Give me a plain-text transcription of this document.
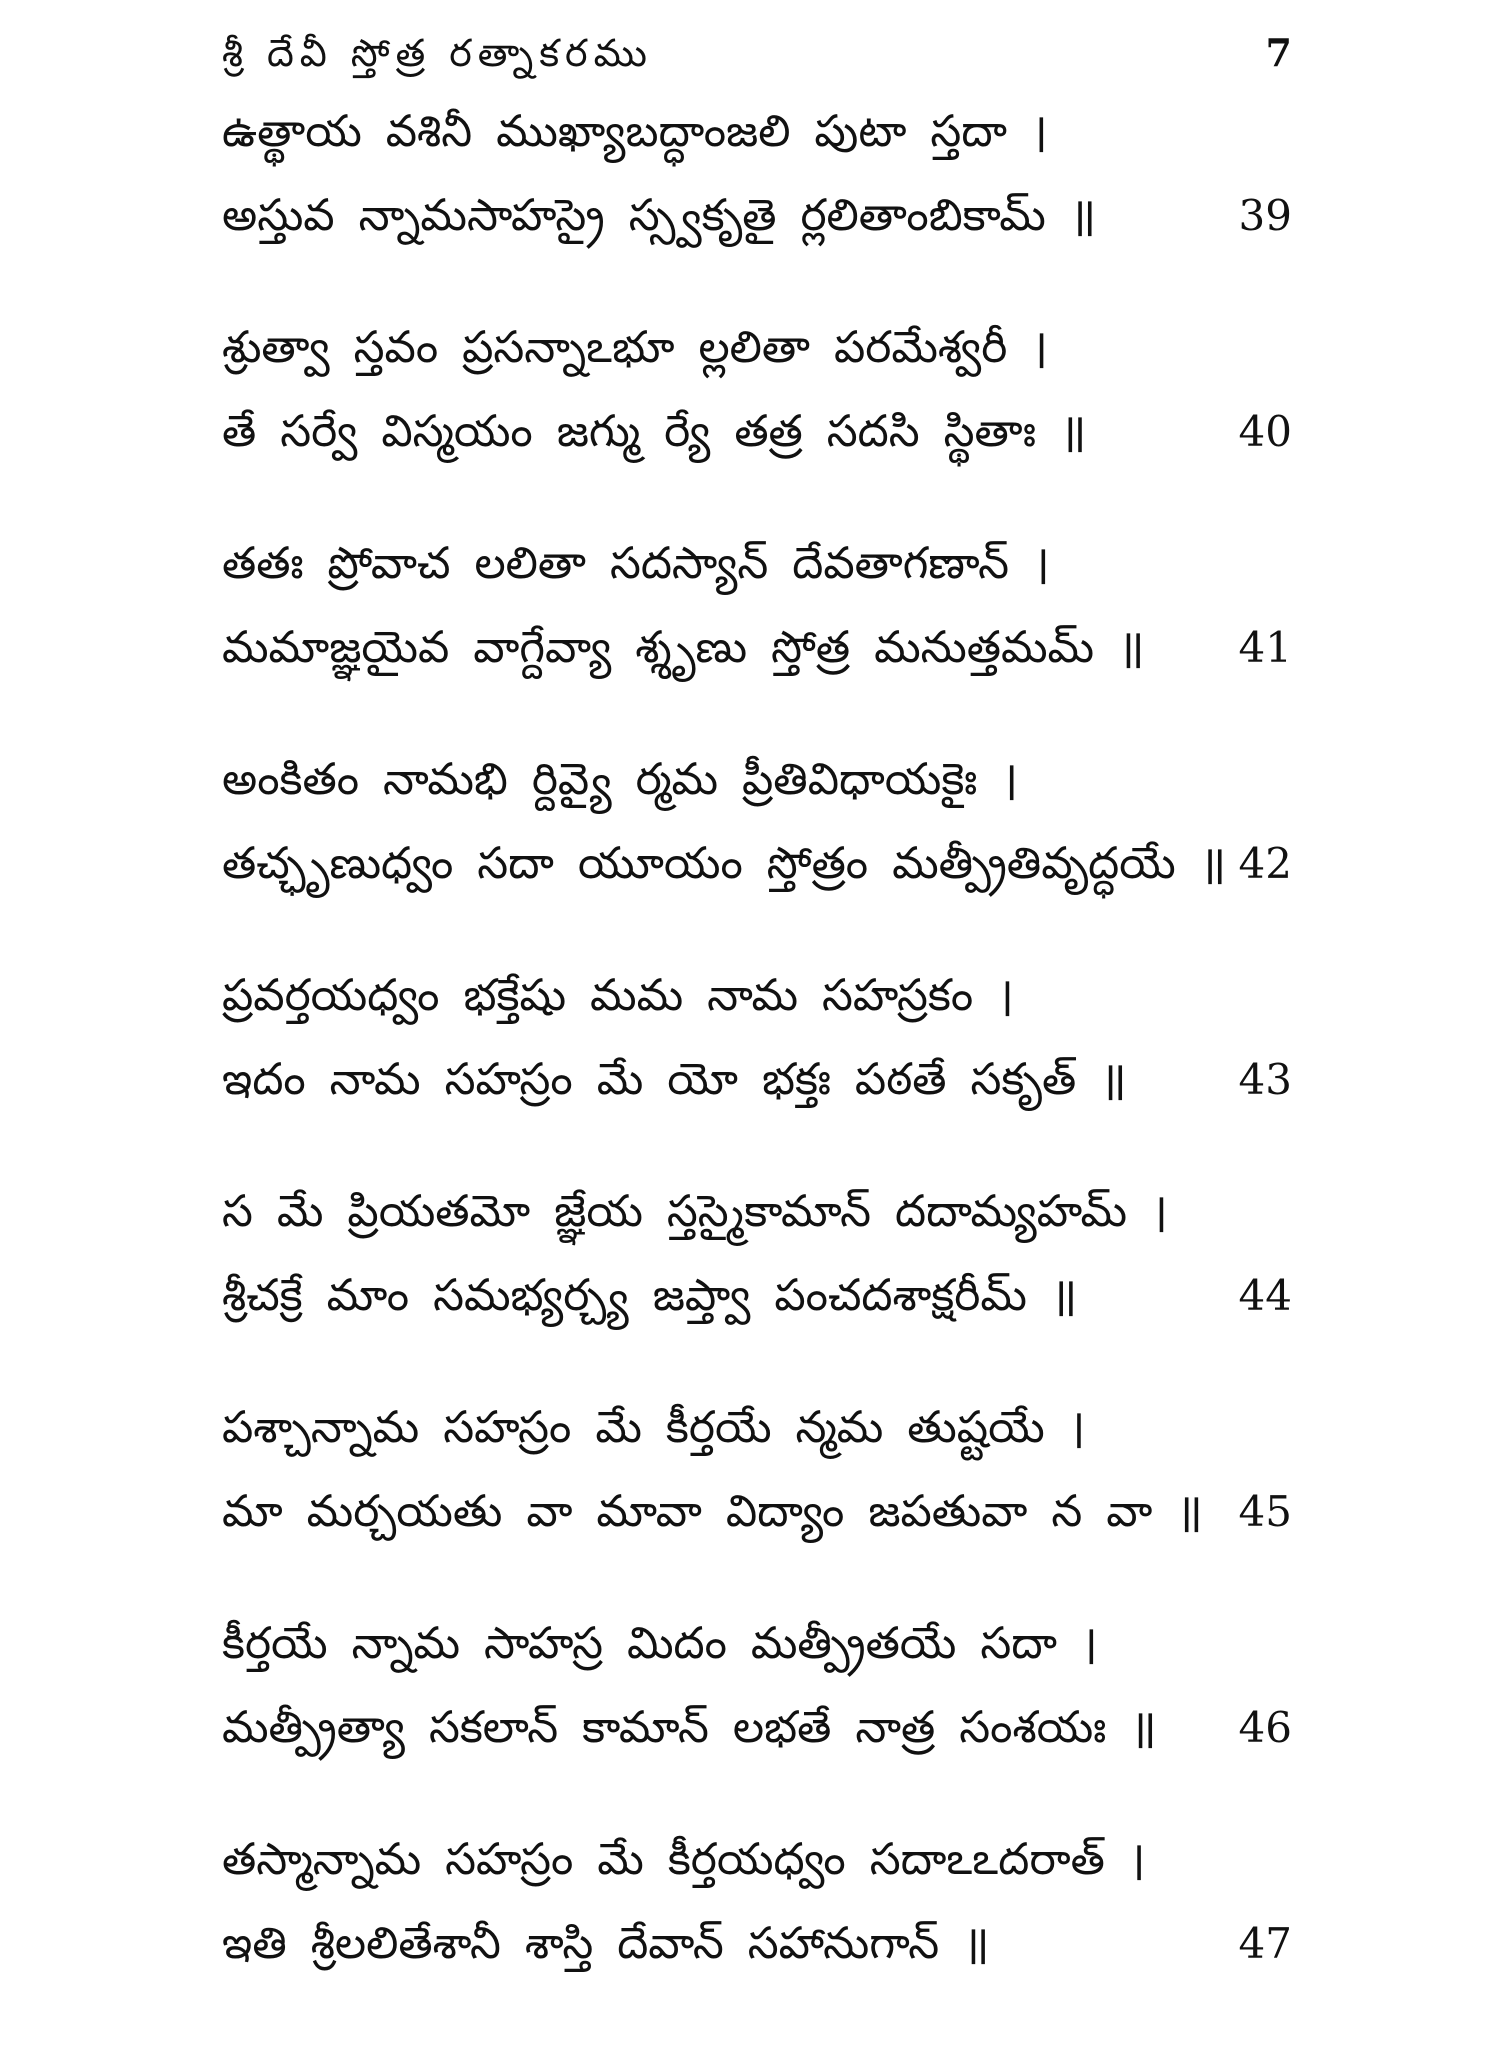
శ్రీ దేవీ స్తోత్ర రత్నాకరము	7
ఉత్థాయ వశినీ ముఖ్యాబద్ధాంజలి పుటా స్తదా ।
అస్తువ న్నామసాహస్రై స్స్వకృతై ర్లలితాంబికామ్ ॥	39
శ్రుత్వా స్తవం ప్రసన్నాఽభూ ల్లలితా పరమేశ్వరీ ।
తే సర్వే విస్మయం జగ్ము ర్యే తత్ర సదసి స్థితాః ॥	40
తతః ప్రోవాచ లలితా సదస్యాన్ దేవతాగణాన్ ।
మమాజ్ఞయైవ వాగ్దేవ్యా శ్శృణు స్తోత్ర మనుత్తమమ్ ॥ 41
అంకితం నామభి ర్దివ్యై ర్మమ ప్రీతివిధాయకైః ।
తచ్ఛృణుధ్వం సదా యూయం స్తోత్రం మత్ప్రీతివృద్ధయే ॥ 42
ప్రవర్తయధ్వం భక్తేషు మమ నామ సహస్రకం ।
ఇదం నామ సహస్రం మే యో భక్తః పఠతే సకృత్ ॥	43
స మే ప్రియతమో జ్ఞేయ స్తస్మైకామాన్ దదామ్యహమ్ ।
శ్రీచక్రే మాం సమభ్యర్చ్య జప్త్వా పంచదశాక్షరీమ్ ॥	44
పశ్చాన్నామ సహస్రం మే కీర్తయే న్మమ తుష్టయే ।
మా మర్చయతు వా మావా విద్యాం జపతువా న వా ॥ 45
కీర్తయే న్నామ సాహస్ర మిదం మత్ప్రీతయే సదా ।
మత్ప్రీత్యా సకలాన్ కామాన్ లభతే నాత్ర సంశయః ॥ 46
తస్మాన్నామ సహస్రం మే కీర్తయధ్వం సదాఽఽదరాత్ ।
ఇతి శ్రీలలితేశానీ శాస్తి దేవాన్ సహానుగాన్ ॥	47
